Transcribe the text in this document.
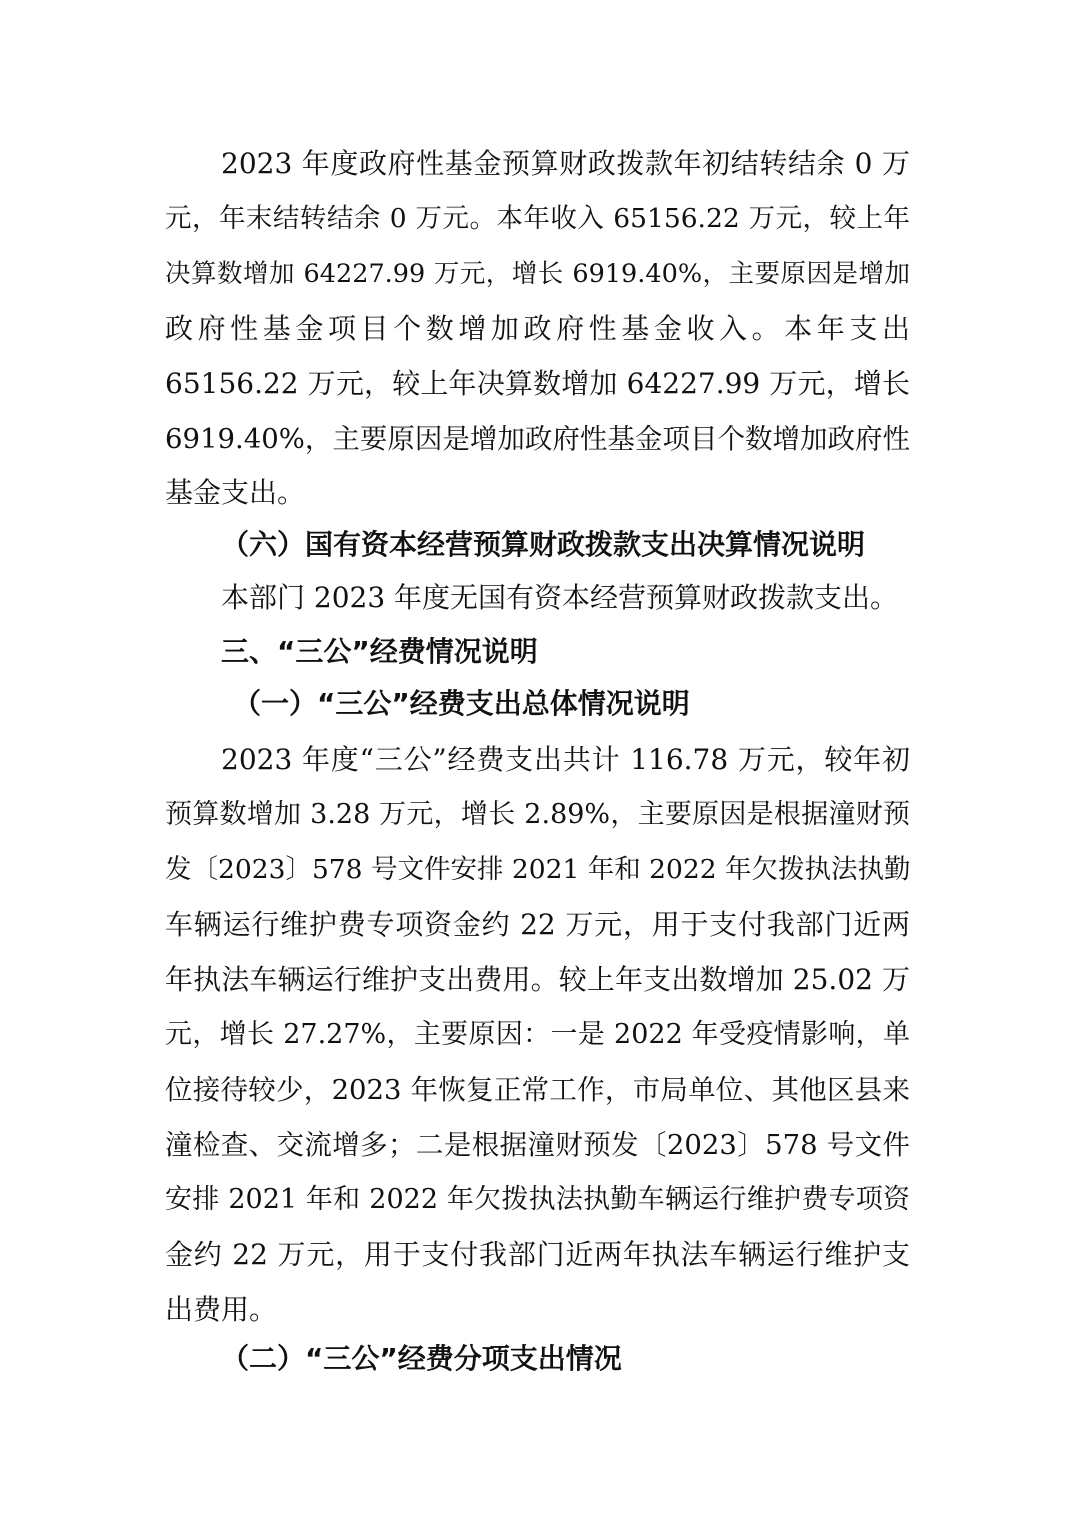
2023 年度政府性基金预算财政拨款年初结转结余 0 万
元，年末结转结余 0 万元。本年收入 65156.22 万元，较上年
决算数增加 64227.99 万元，增长 6919.40%，主要原因是增加
政府性基金项目个数增加政府性基金收入。本年支出
65156.22 万元，较上年决算数增加 64227.99 万元，增长
6919.40%，主要原因是增加政府性基金项目个数增加政府性
基金支出。
（六）国有资本经营预算财政拨款支出决算情况说明
本部门 2023 年度无国有资本经营预算财政拨款支出。
三、“三公”经费情况说明
（一）“三公”经费支出总体情况说明
2023 年度“三公”经费支出共计 116.78 万元，较年初
预算数增加 3.28 万元，增长 2.89%，主要原因是根据潼财预
发〔2023〕578 号文件安排 2021 年和 2022 年欠拨执法执勤
车辆运行维护费专项资金约 22 万元，用于支付我部门近两
年执法车辆运行维护支出费用。较上年支出数增加 25.02 万
元，增长 27.27%，主要原因：一是 2022 年受疫情影响，单
位接待较少，2023 年恢复正常工作，市局单位、其他区县来
潼检查、交流增多；二是根据潼财预发〔2023〕578 号文件
安排 2021 年和 2022 年欠拨执法执勤车辆运行维护费专项资
金约 22 万元，用于支付我部门近两年执法车辆运行维护支
出费用。
（二）“三公”经费分项支出情况
